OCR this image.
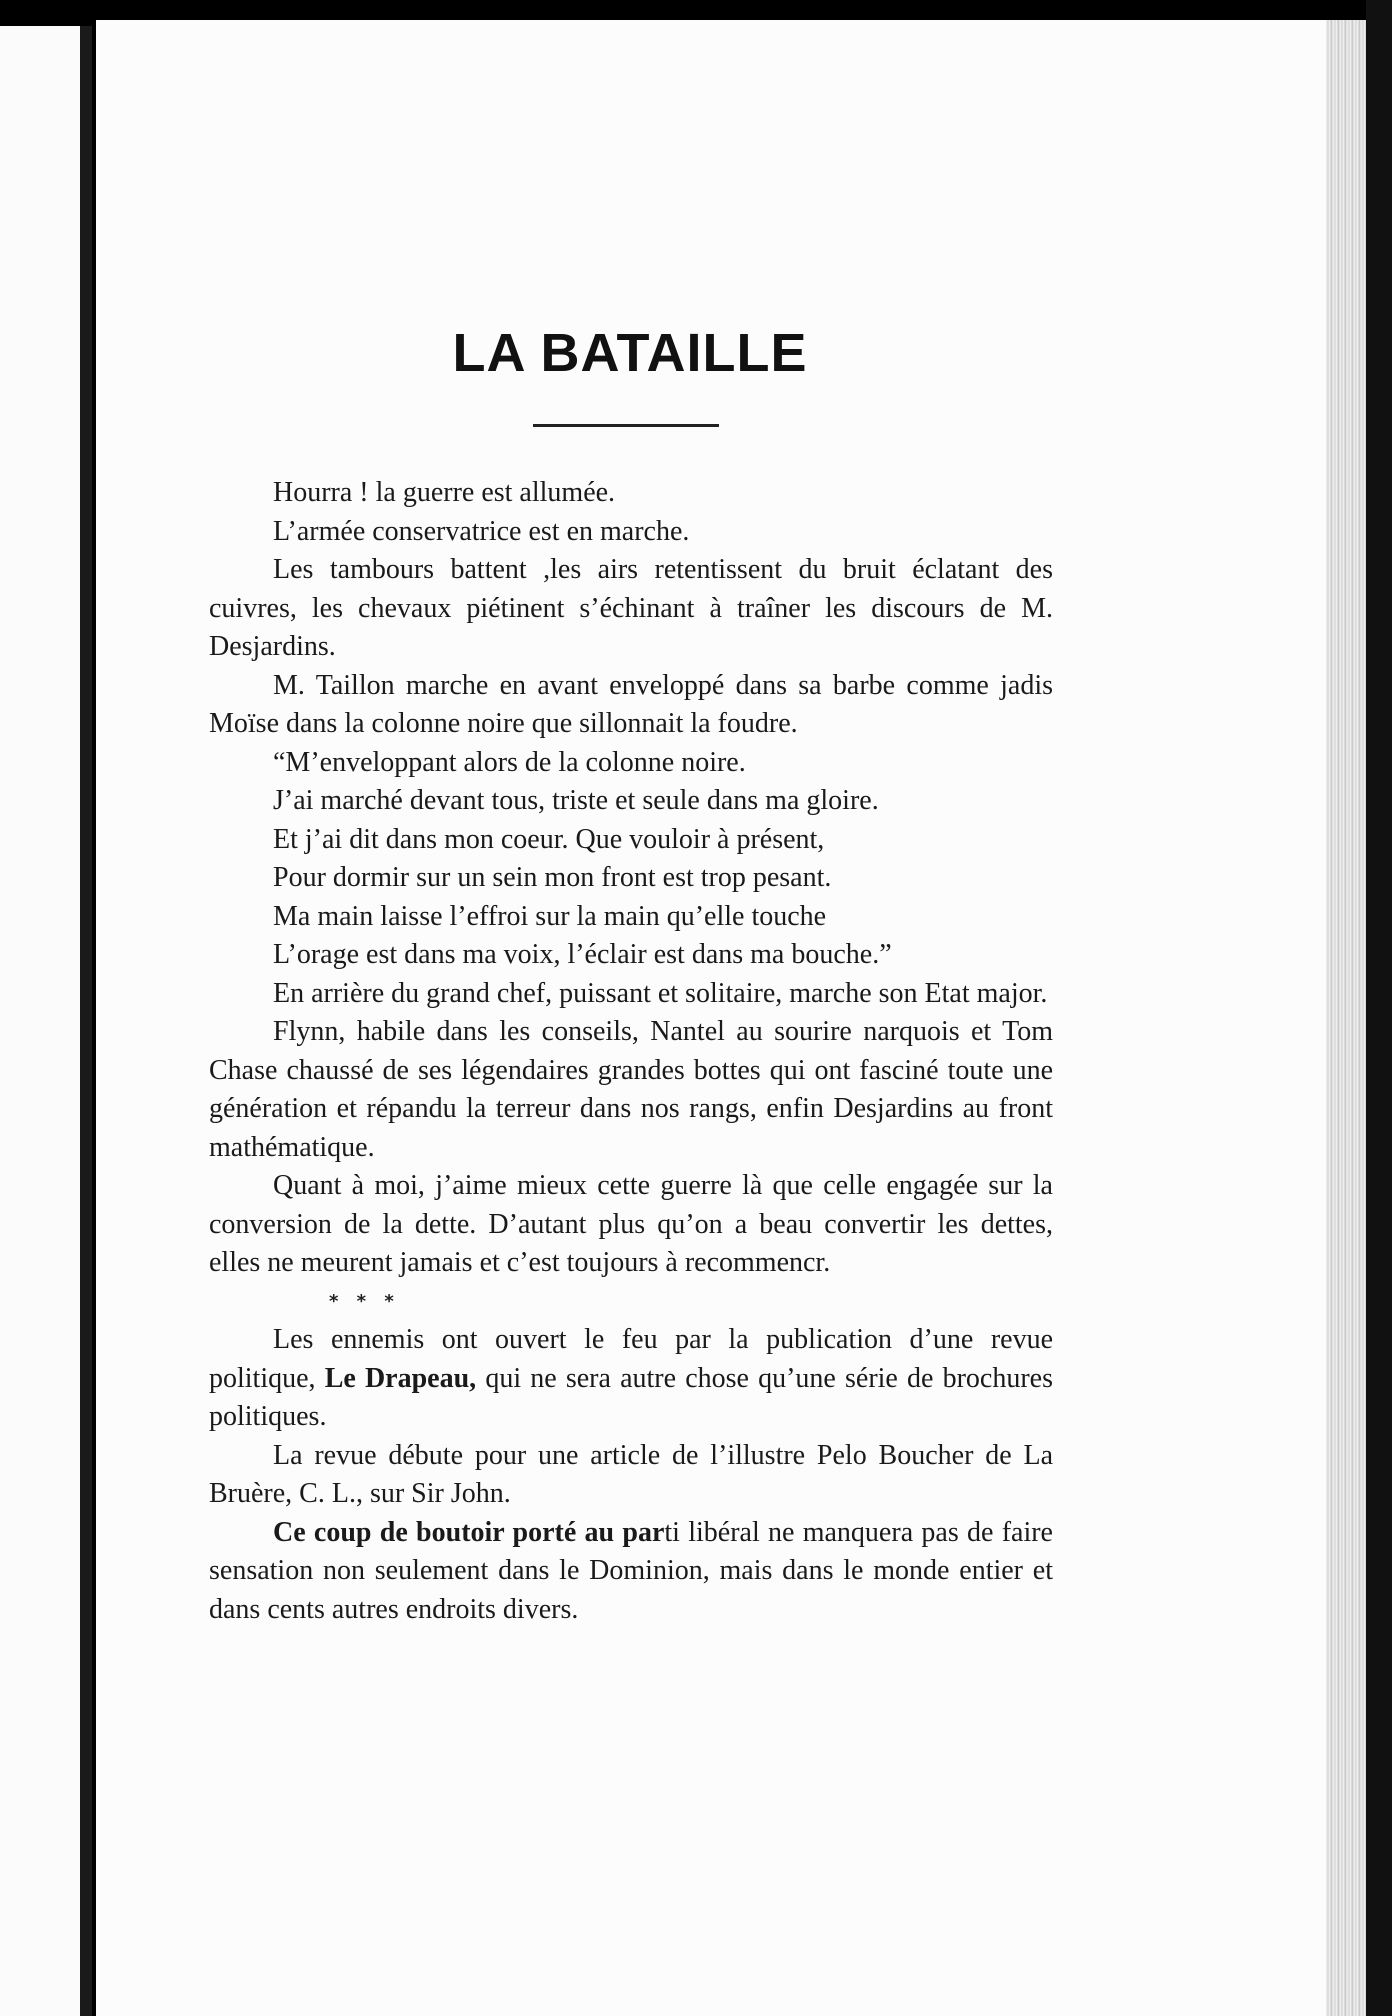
LA BATAILLE

Hourra ! la guerre est allumée.

L’armée conservatrice est en marche.

Les tambours battent ,les airs retentissent du bruit éclatant des cuivres, les chevaux piétinent s’échinant à traîner les discours de M. Desjardins.

M. Taillon marche en avant enveloppé dans sa barbe comme jadis Moïse dans la colonne noire que sillonnait la foudre.

“M’enveloppant alors de la colonne noire.

J’ai marché devant tous, triste et seule dans ma gloire.

Et j’ai dit dans mon coeur. Que vouloir à présent,

Pour dormir sur un sein mon front est trop pesant.

Ma main laisse l’effroi sur la main qu’elle touche

L’orage est dans ma voix, l’éclair est dans ma bouche.”

En arrière du grand chef, puissant et solitaire, marche son Etat major.

Flynn, habile dans les conseils, Nantel au sourire narquois et Tom Chase chaussé de ses légendaires grandes bottes qui ont fasciné toute une génération et répandu la terreur dans nos rangs, enfin Desjardins au front mathématique.

Quant à moi, j’aime mieux cette guerre là que celle engagée sur la conversion de la dette. D’autant plus qu’on a beau convertir les dettes, elles ne meurent jamais et c’est toujours à recommencr.

* * *

Les ennemis ont ouvert le feu par la publication d’une revue politique, Le Drapeau, qui ne sera autre chose qu’une série de brochures politiques.

La revue débute pour une article de l’illustre Pelo Boucher de La Bruère, C. L., sur Sir John.

Ce coup de boutoir porté au parti libéral ne manquera pas de faire sensation non seulement dans le Dominion, mais dans le monde entier et dans cents autres endroits divers.
